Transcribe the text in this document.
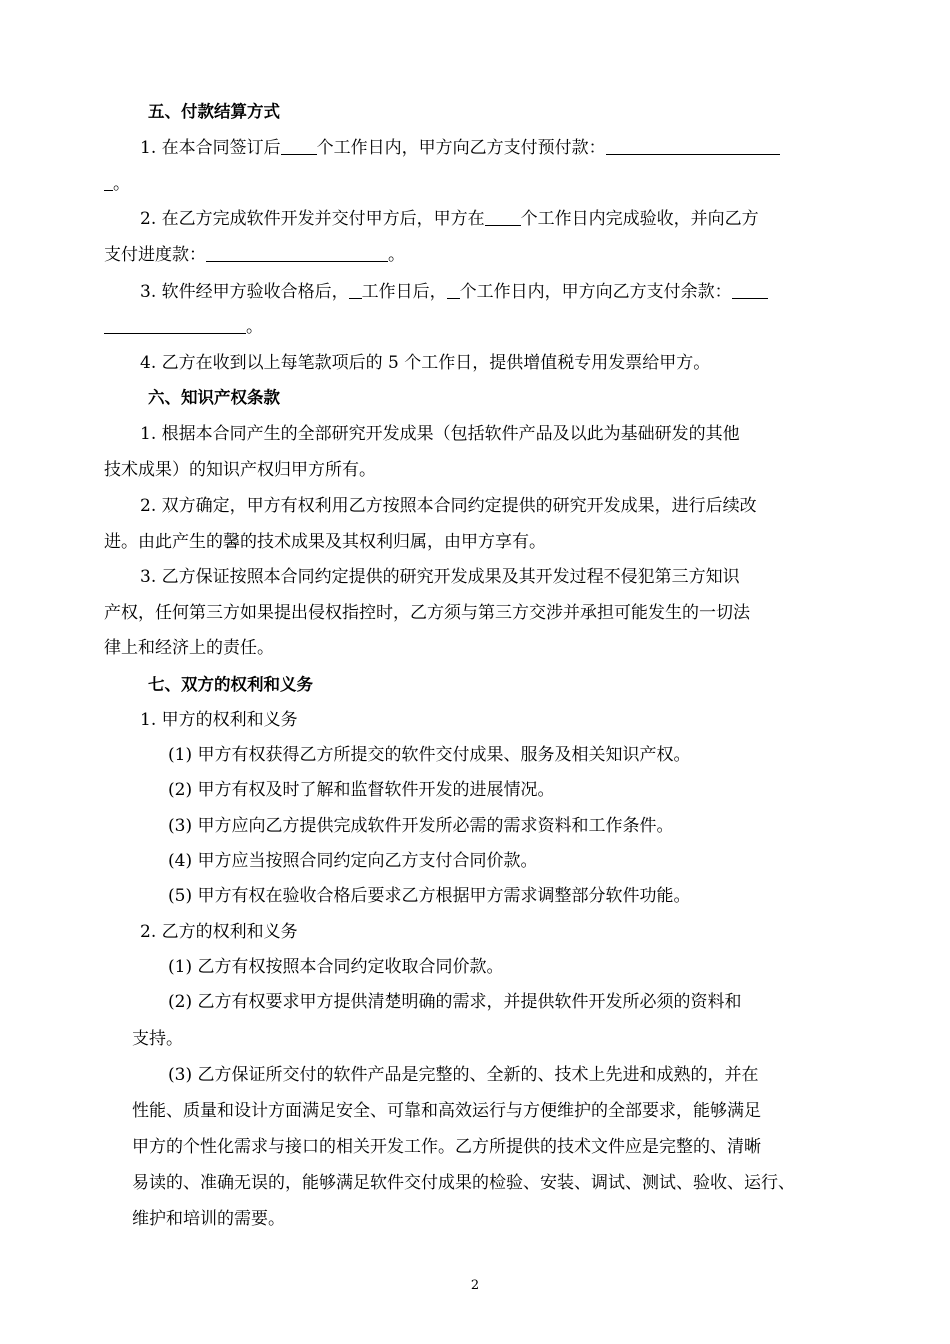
五、付款结算方式
1. 在本合同签订后 个工作日内，甲方向乙方支付预付款：
。
2. 在乙方完成软件开发并交付甲方后，甲方在 个工作日内完成验收，并向乙方
支付进度款：	。
3. 软件经甲方验收合格后， 工作日后， 个工作日内，甲方向乙方支付余款：
。
4. 乙方在收到以上每笔款项后的 5 个工作日，提供增值税专用发票给甲方。
六、知识产权条款
1. 根据本合同产生的全部研究开发成果（包括软件产品及以此为基础研发的其他
技术成果）的知识产权归甲方所有。
2. 双方确定，甲方有权利用乙方按照本合同约定提供的研究开发成果，进行后续改
进。由此产生的馨的技术成果及其权利归属，由甲方享有。
3. 乙方保证按照本合同约定提供的研究开发成果及其开发过程不侵犯第三方知识
产权，任何第三方如果提出侵权指控时，乙方须与第三方交涉并承担可能发生的一切法
律上和经济上的责任。
七、双方的权利和义务
1. 甲方的权利和义务
(1) 甲方有权获得乙方所提交的软件交付成果、服务及相关知识产权。
(2) 甲方有权及时了解和监督软件开发的进展情况。
(3) 甲方应向乙方提供完成软件开发所必需的需求资料和工作条件。
(4) 甲方应当按照合同约定向乙方支付合同价款。
(5) 甲方有权在验收合格后要求乙方根据甲方需求调整部分软件功能。
2. 乙方的权利和义务
(1) 乙方有权按照本合同约定收取合同价款。
(2) 乙方有权要求甲方提供清楚明确的需求，并提供软件开发所必须的资料和
支持。
(3) 乙方保证所交付的软件产品是完整的、全新的、技术上先进和成熟的，并在
性能、质量和设计方面满足安全、可靠和高效运行与方便维护的全部要求，能够满足
甲方的个性化需求与接口的相关开发工作。乙方所提供的技术文件应是完整的、清晰
易读的、准确无误的，能够满足软件交付成果的检验、安装、调试、测试、验收、运行、
维护和培训的需要。
2
